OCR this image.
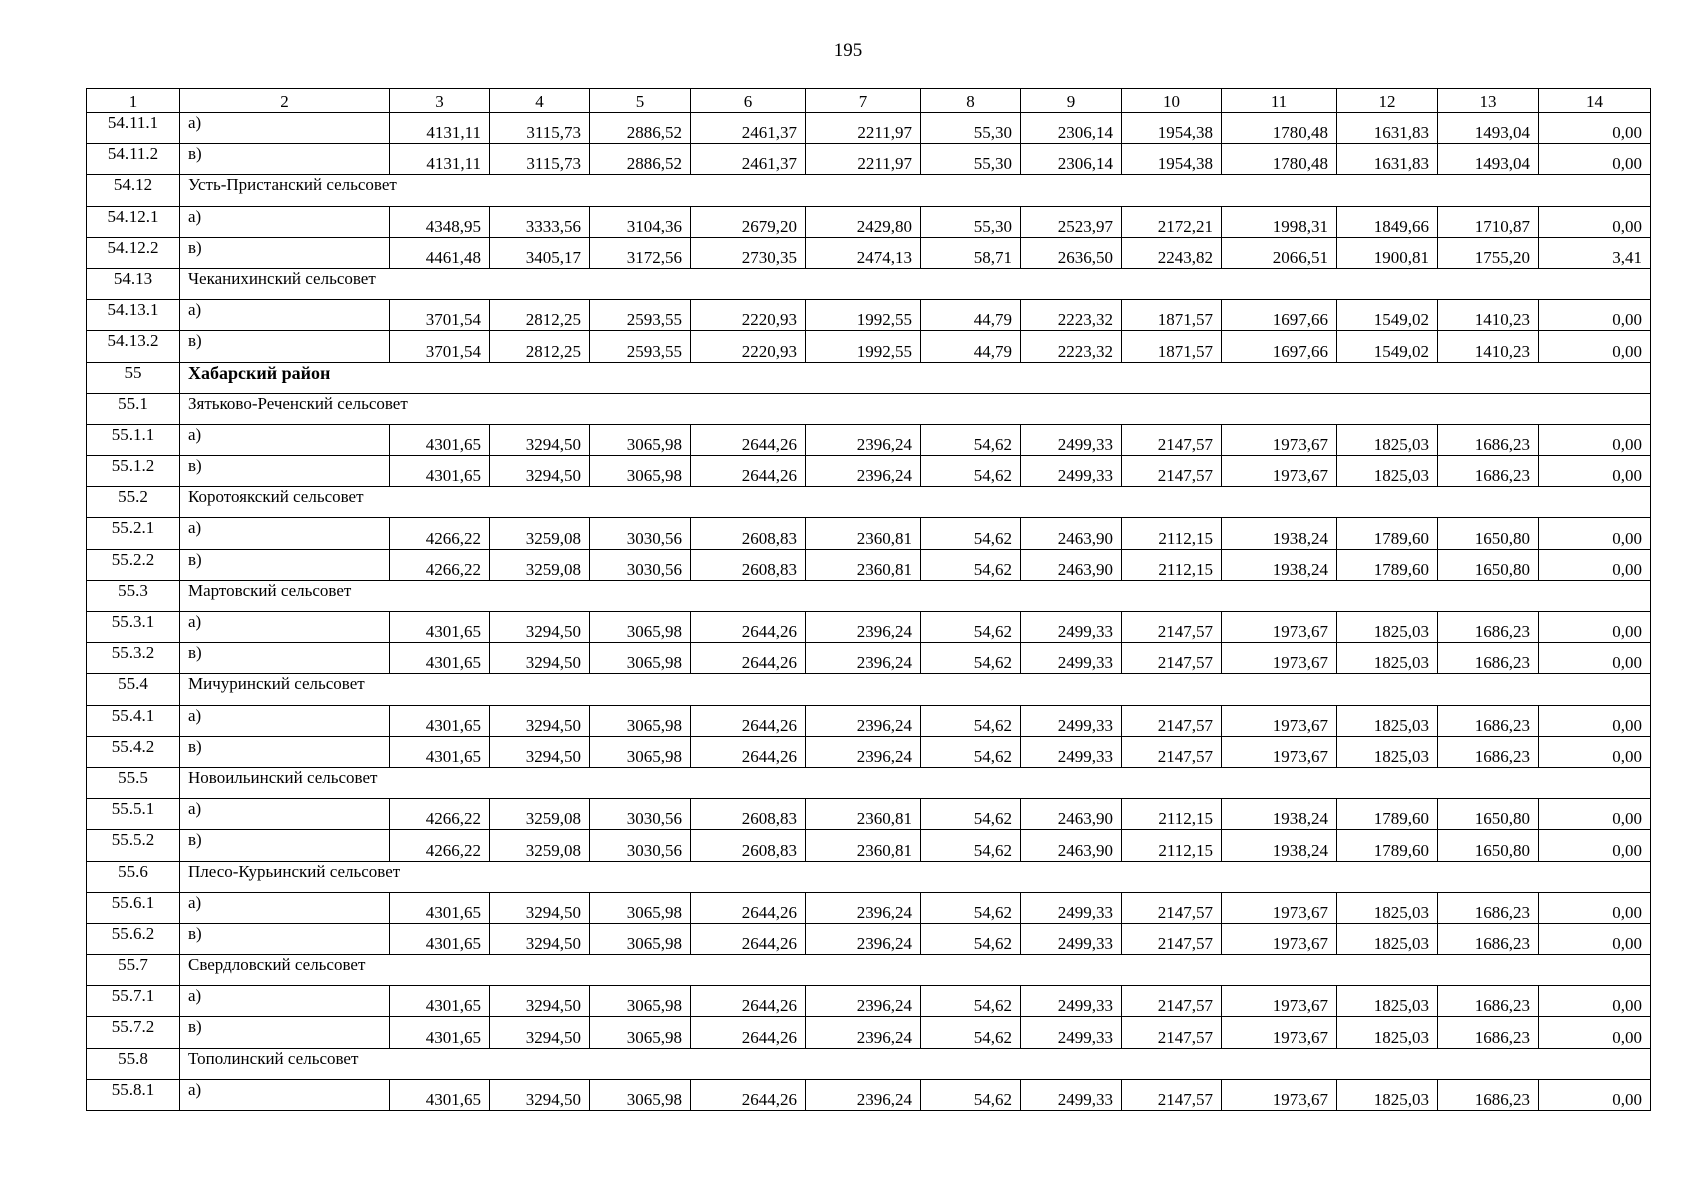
195
1	2	3	4	5	6	7	8	9	10	11	12	13	14
54.11.1	а)	4131,11	3115,73	2886,52	2461,37	2211,97	55,30	2306,14	1954,38	1780,48	1631,83	1493,04	0,00
54.11.2	в)	4131,11	3115,73	2886,52	2461,37	2211,97	55,30	2306,14	1954,38	1780,48	1631,83	1493,04	0,00
54.12	Усть-Пристанский сельсовет												
54.12.1	а)	4348,95	3333,56	3104,36	2679,20	2429,80	55,30	2523,97	2172,21	1998,31	1849,66	1710,87	0,00
54.12.2	в)	4461,48	3405,17	3172,56	2730,35	2474,13	58,71	2636,50	2243,82	2066,51	1900,81	1755,20	3,41
54.13	Чеканихинский сельсовет												
54.13.1	а)	3701,54	2812,25	2593,55	2220,93	1992,55	44,79	2223,32	1871,57	1697,66	1549,02	1410,23	0,00
54.13.2	в)	3701,54	2812,25	2593,55	2220,93	1992,55	44,79	2223,32	1871,57	1697,66	1549,02	1410,23	0,00
55	Хабарский район												
55.1	Зятьково-Реченский сельсовет												
55.1.1	а)	4301,65	3294,50	3065,98	2644,26	2396,24	54,62	2499,33	2147,57	1973,67	1825,03	1686,23	0,00
55.1.2	в)	4301,65	3294,50	3065,98	2644,26	2396,24	54,62	2499,33	2147,57	1973,67	1825,03	1686,23	0,00
55.2	Коротоякский сельсовет												
55.2.1	а)	4266,22	3259,08	3030,56	2608,83	2360,81	54,62	2463,90	2112,15	1938,24	1789,60	1650,80	0,00
55.2.2	в)	4266,22	3259,08	3030,56	2608,83	2360,81	54,62	2463,90	2112,15	1938,24	1789,60	1650,80	0,00
55.3	Мартовский сельсовет												
55.3.1	а)	4301,65	3294,50	3065,98	2644,26	2396,24	54,62	2499,33	2147,57	1973,67	1825,03	1686,23	0,00
55.3.2	в)	4301,65	3294,50	3065,98	2644,26	2396,24	54,62	2499,33	2147,57	1973,67	1825,03	1686,23	0,00
55.4	Мичуринский сельсовет												
55.4.1	а)	4301,65	3294,50	3065,98	2644,26	2396,24	54,62	2499,33	2147,57	1973,67	1825,03	1686,23	0,00
55.4.2	в)	4301,65	3294,50	3065,98	2644,26	2396,24	54,62	2499,33	2147,57	1973,67	1825,03	1686,23	0,00
55.5	Новоильинский сельсовет												
55.5.1	а)	4266,22	3259,08	3030,56	2608,83	2360,81	54,62	2463,90	2112,15	1938,24	1789,60	1650,80	0,00
55.5.2	в)	4266,22	3259,08	3030,56	2608,83	2360,81	54,62	2463,90	2112,15	1938,24	1789,60	1650,80	0,00
55.6	Плесо-Курьинский сельсовет												
55.6.1	а)	4301,65	3294,50	3065,98	2644,26	2396,24	54,62	2499,33	2147,57	1973,67	1825,03	1686,23	0,00
55.6.2	в)	4301,65	3294,50	3065,98	2644,26	2396,24	54,62	2499,33	2147,57	1973,67	1825,03	1686,23	0,00
55.7	Свердловский сельсовет												
55.7.1	а)	4301,65	3294,50	3065,98	2644,26	2396,24	54,62	2499,33	2147,57	1973,67	1825,03	1686,23	0,00
55.7.2	в)	4301,65	3294,50	3065,98	2644,26	2396,24	54,62	2499,33	2147,57	1973,67	1825,03	1686,23	0,00
55.8	Тополинский сельсовет												
55.8.1	а)	4301,65	3294,50	3065,98	2644,26	2396,24	54,62	2499,33	2147,57	1973,67	1825,03	1686,23	0,00
